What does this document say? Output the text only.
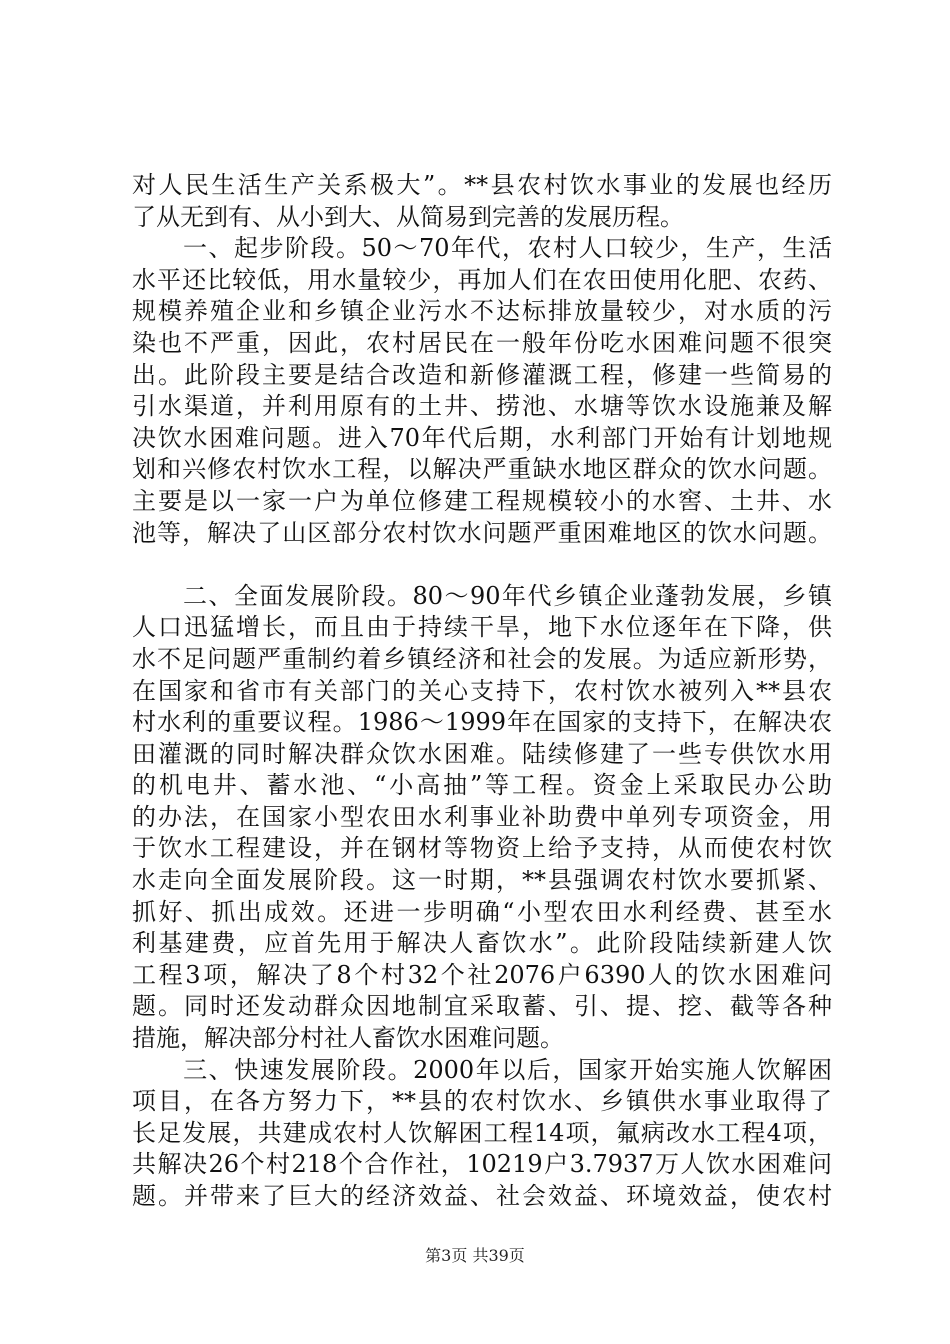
对人民生活生产关系极大”。**县农村饮水事业的发展也经历
了从无到有、从小到大、从简易到完善的发展历程。
　　一、起步阶段。50～70年代，农村人口较少，生产，生活
水平还比较低，用水量较少，再加人们在农田使用化肥、农药、
规模养殖企业和乡镇企业污水不达标排放量较少，对水质的污
染也不严重，因此，农村居民在一般年份吃水困难问题不很突
出。此阶段主要是结合改造和新修灌溉工程，修建一些简易的
引水渠道，并利用原有的土井、捞池、水塘等饮水设施兼及解
决饮水困难问题。进入70年代后期，水利部门开始有计划地规
划和兴修农村饮水工程，以解决严重缺水地区群众的饮水问题。
主要是以一家一户为单位修建工程规模较小的水窖、土井、水
池等，解决了山区部分农村饮水问题严重困难地区的饮水问题。
　　二、全面发展阶段。80～90年代乡镇企业蓬勃发展，乡镇
人口迅猛增长，而且由于持续干旱，地下水位逐年在下降，供
水不足问题严重制约着乡镇经济和社会的发展。为适应新形势，
在国家和省市有关部门的关心支持下，农村饮水被列入**县农
村水利的重要议程。1986～1999年在国家的支持下，在解决农
田灌溉的同时解决群众饮水困难。陆续修建了一些专供饮水用
的机电井、蓄水池、“小高抽”等工程。资金上采取民办公助
的办法，在国家小型农田水利事业补助费中单列专项资金，用
于饮水工程建设，并在钢材等物资上给予支持，从而使农村饮
水走向全面发展阶段。这一时期，**县强调农村饮水要抓紧、
抓好、抓出成效。还进一步明确“小型农田水利经费、甚至水
利基建费，应首先用于解决人畜饮水”。此阶段陆续新建人饮
工程3项，解决了8个村32个社2076户6390人的饮水困难问
题。同时还发动群众因地制宜采取蓄、引、提、挖、截等各种
措施，解决部分村社人畜饮水困难问题。
　　三、快速发展阶段。2000年以后，国家开始实施人饮解困
项目，在各方努力下，**县的农村饮水、乡镇供水事业取得了
长足发展，共建成农村人饮解困工程14项，氟病改水工程4项，
共解决26个村218个合作社，10219户3.7937万人饮水困难问
题。并带来了巨大的经济效益、社会效益、环境效益，使农村
第3页 共39页
